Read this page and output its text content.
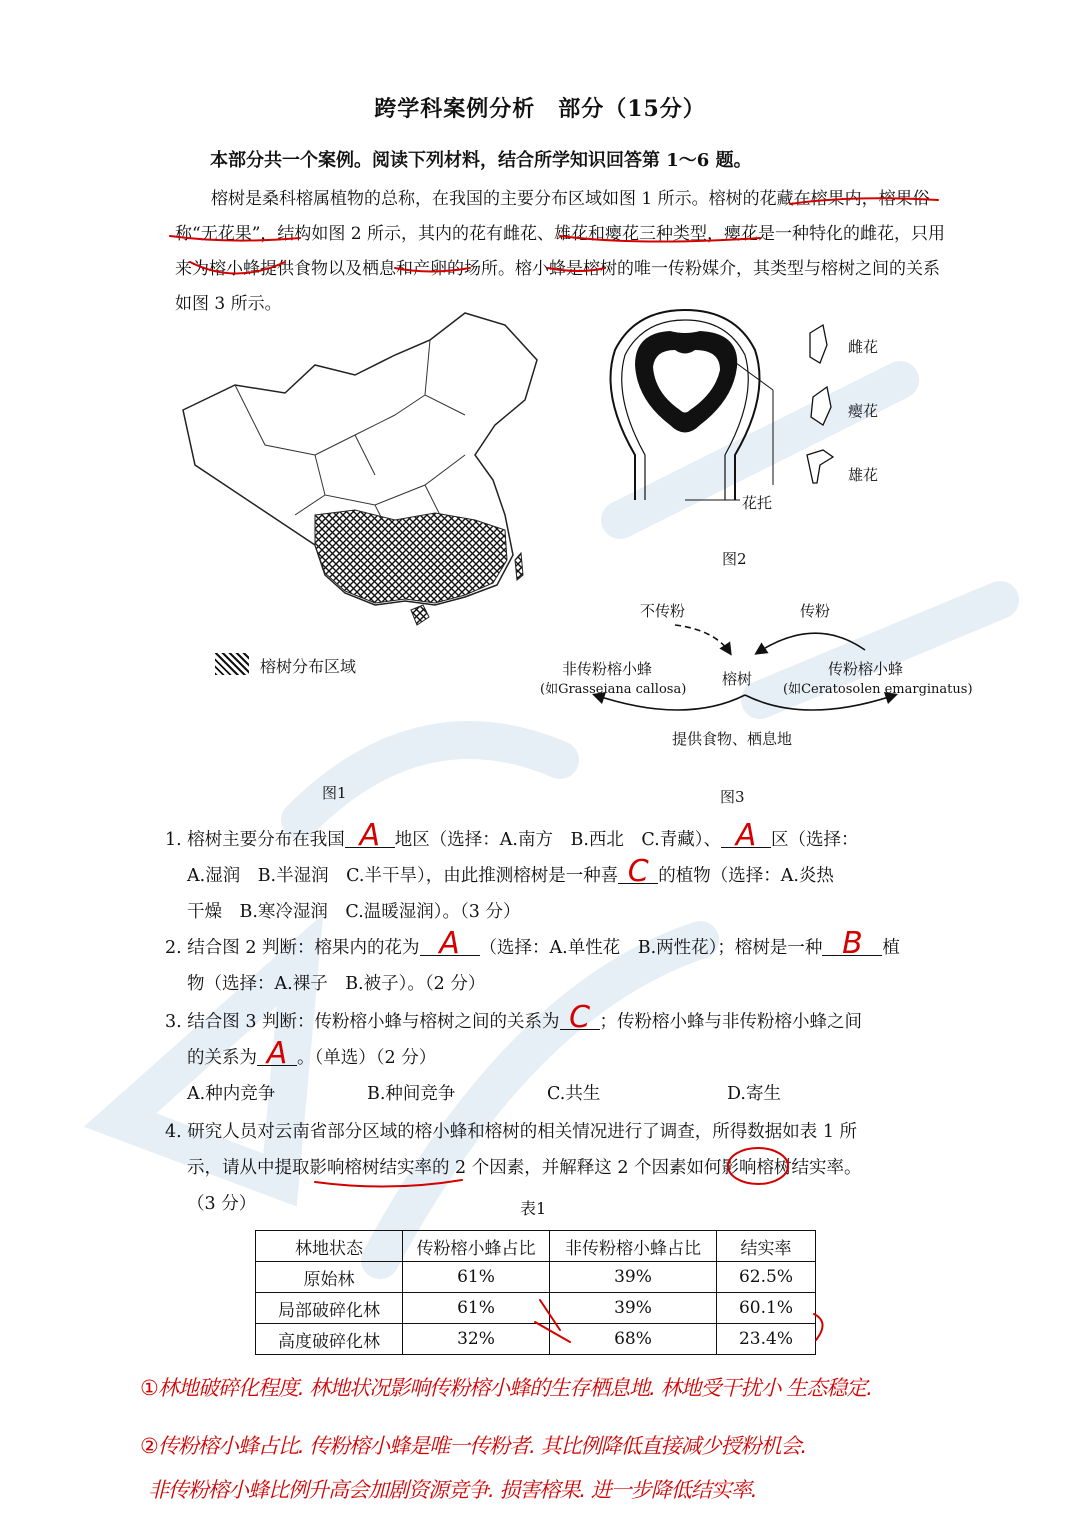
跨学科案例分析　部分（15分）
本部分共一个案例。阅读下列材料，结合所学知识回答第 1～6 题。
榕树是桑科榕属植物的总称，在我国的主要分布区域如图 1 所示。榕树的花藏在榕果内，榕果俗称“无花果”，结构如图 2 所示，其内的花有雌花、雄花和瘿花三种类型，瘿花是一种特化的雌花，只用来为榕小蜂提供食物以及栖息和产卵的场所。榕小蜂是榕树的唯一传粉媒介，其类型与榕树之间的关系如图 3 所示。
榕树分布区域
图1
雌花
瘿花
雄花
花托
图2
不传粉	传粉
榕树
非传粉榕小蜂
(如Grasseiana callosa)
传粉榕小蜂
(如Ceratosolen emarginatus)
提供食物、栖息地
图3
1. 榕树主要分布在我国 A 地区（选择：A.南方　B.西北　C.青藏）、 A 区（选择：
A.湿润　B.半湿润　C.半干旱），由此推测榕树是一种喜 C 的植物（选择：A.炎热
干燥　B.寒冷湿润　C.温暖湿润）。（3 分）
2. 结合图 2 判断：榕果内的花为 A （选择：A.单性花　B.两性花）；榕树是一种 B 植
物（选择：A.裸子　B.被子）。（2 分）
3. 结合图 3 判断：传粉榕小蜂与榕树之间的关系为 C ；传粉榕小蜂与非传粉榕小蜂之间
的关系为 A 。（单选）（2 分）
A.种内竞争	B.种间竞争	C.共生	D.寄生
4. 研究人员对云南省部分区域的榕小蜂和榕树的相关情况进行了调查，所得数据如表 1 所
示，请从中提取影响榕树结实率的 2 个因素，并解释这 2 个因素如何影响榕树结实率。
（3 分）	表1
林地状态	传粉榕小蜂占比	非传粉榕小蜂占比	结实率
原始林	61%	39%	62.5%
局部破碎化林	61%	39%	60.1%
高度破碎化林	32%	68%	23.4%
①林地破碎化程度. 林地状况影响传粉榕小蜂的生存栖息地. 林地受干扰小 生态稳定.
②传粉榕小蜂占比. 传粉榕小蜂是唯一传粉者. 其比例降低直接减少授粉机会.
非传粉榕小蜂比例升高会加剧资源竞争. 损害榕果. 进一步降低结实率.
